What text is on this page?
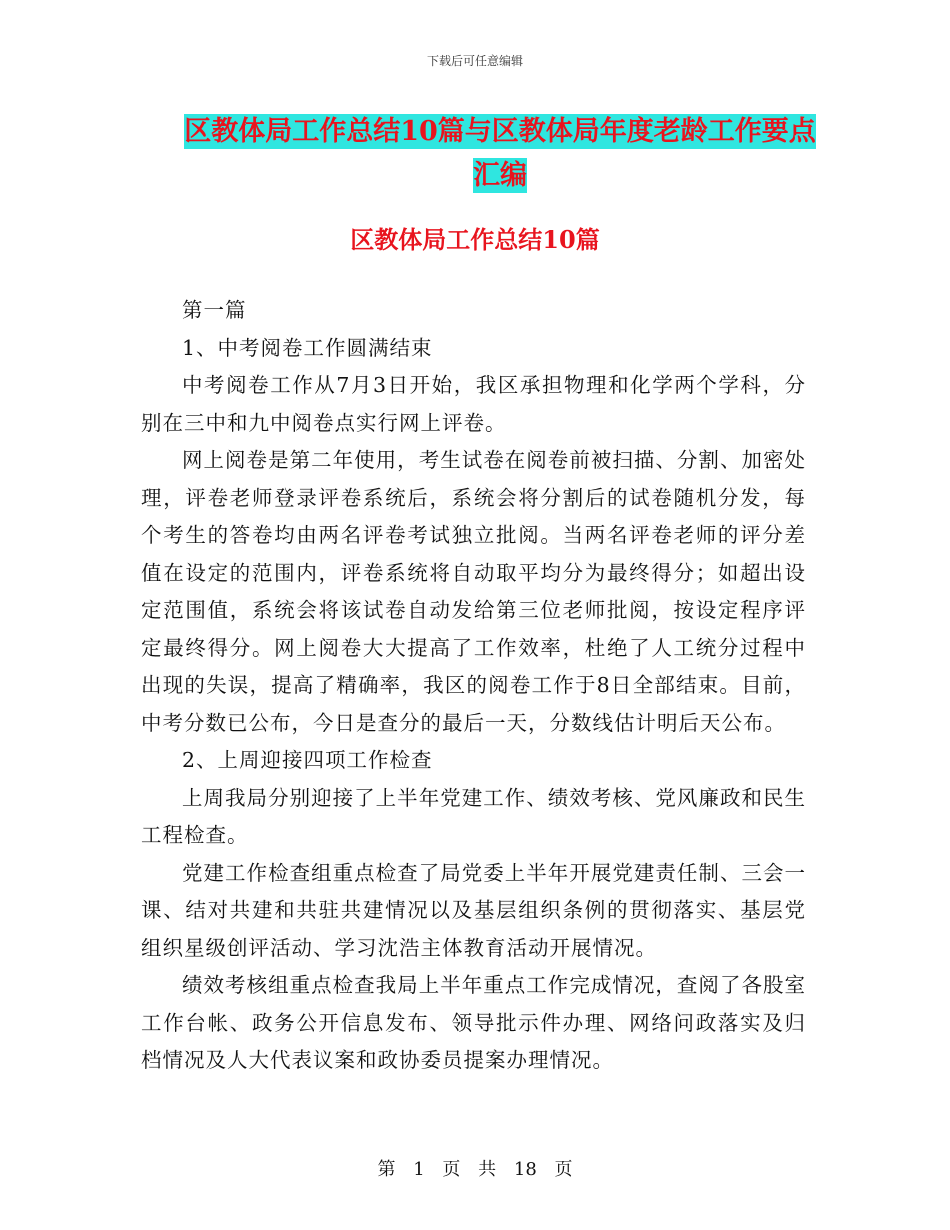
下载后可任意编辑
区教体局工作总结10篇与区教体局年度老龄工作要点
汇编
区教体局工作总结10篇

第一篇

1、中考阅卷工作圆满结束

中考阅卷工作从7月3日开始，我区承担物理和化学两个学科，分别在三中和九中阅卷点实行网上评卷。

网上阅卷是第二年使用，考生试卷在阅卷前被扫描、分割、加密处理，评卷老师登录评卷系统后，系统会将分割后的试卷随机分发，每个考生的答卷均由两名评卷考试独立批阅。当两名评卷老师的评分差值在设定的范围内，评卷系统将自动取平均分为最终得分；如超出设定范围值，系统会将该试卷自动发给第三位老师批阅，按设定程序评定最终得分。网上阅卷大大提高了工作效率，杜绝了人工统分过程中出现的失误，提高了精确率，我区的阅卷工作于8日全部结束。目前，中考分数已公布，今日是查分的最后一天，分数线估计明后天公布。

2、上周迎接四项工作检查

上周我局分别迎接了上半年党建工作、绩效考核、党风廉政和民生工程检查。

党建工作检查组重点检查了局党委上半年开展党建责任制、三会一课、结对共建和共驻共建情况以及基层组织条例的贯彻落实、基层党组织星级创评活动、学习沈浩主体教育活动开展情况。

绩效考核组重点检查我局上半年重点工作完成情况，查阅了各股室工作台帐、政务公开信息发布、领导批示件办理、网络问政落实及归档情况及人大代表议案和政协委员提案办理情况。

第 1 页 共 18 页
